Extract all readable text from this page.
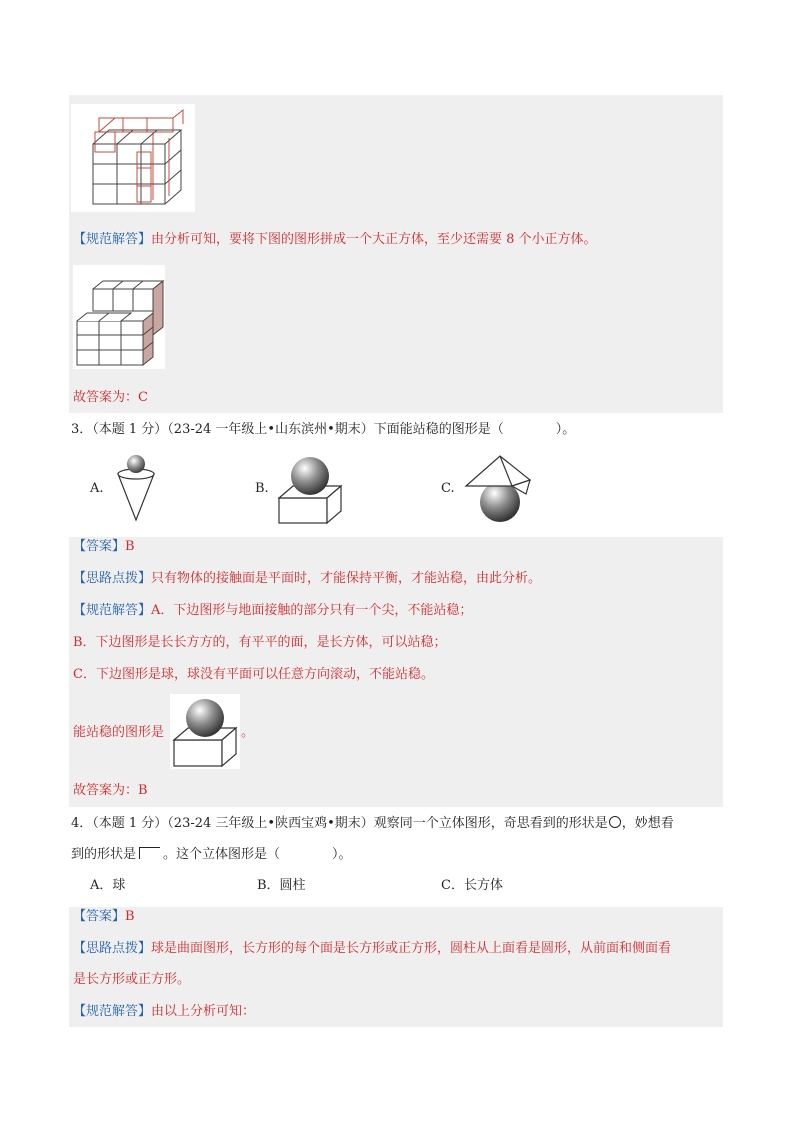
【规范解答】由分析可知，要将下图的图形拼成一个大正方体，至少还需要 8 个小正方体。
故答案为：C
3．（本题 1 分）（23-24 一年级上•山东滨州•期末）下面能站稳的图形是（　　　　）。
A.	B.	C.
【答案】B
【思路点拨】只有物体的接触面是平面时，才能保持平衡，才能站稳，由此分析。
【规范解答】A．下边图形与地面接触的部分只有一个尖，不能站稳；
B．下边图形是长长方方的，有平平的面，是长方体，可以站稳；
C．下边图形是球，球没有平面可以任意方向滚动，不能站稳。
能站稳的图形是	。
故答案为：B
4．（本题 1 分）（23-24 三年级上•陕西宝鸡•期末）观察同一个立体图形，奇思看到的形状是 ，妙想看
到的形状是 。这个立体图形是（　　　　）。
A．球	B．圆柱	C．长方体
【答案】B
【思路点拨】球是曲面图形，长方形的每个面是长方形或正方形，圆柱从上面看是圆形，从前面和侧面看
是长方形或正方形。
【规范解答】由以上分析可知：
